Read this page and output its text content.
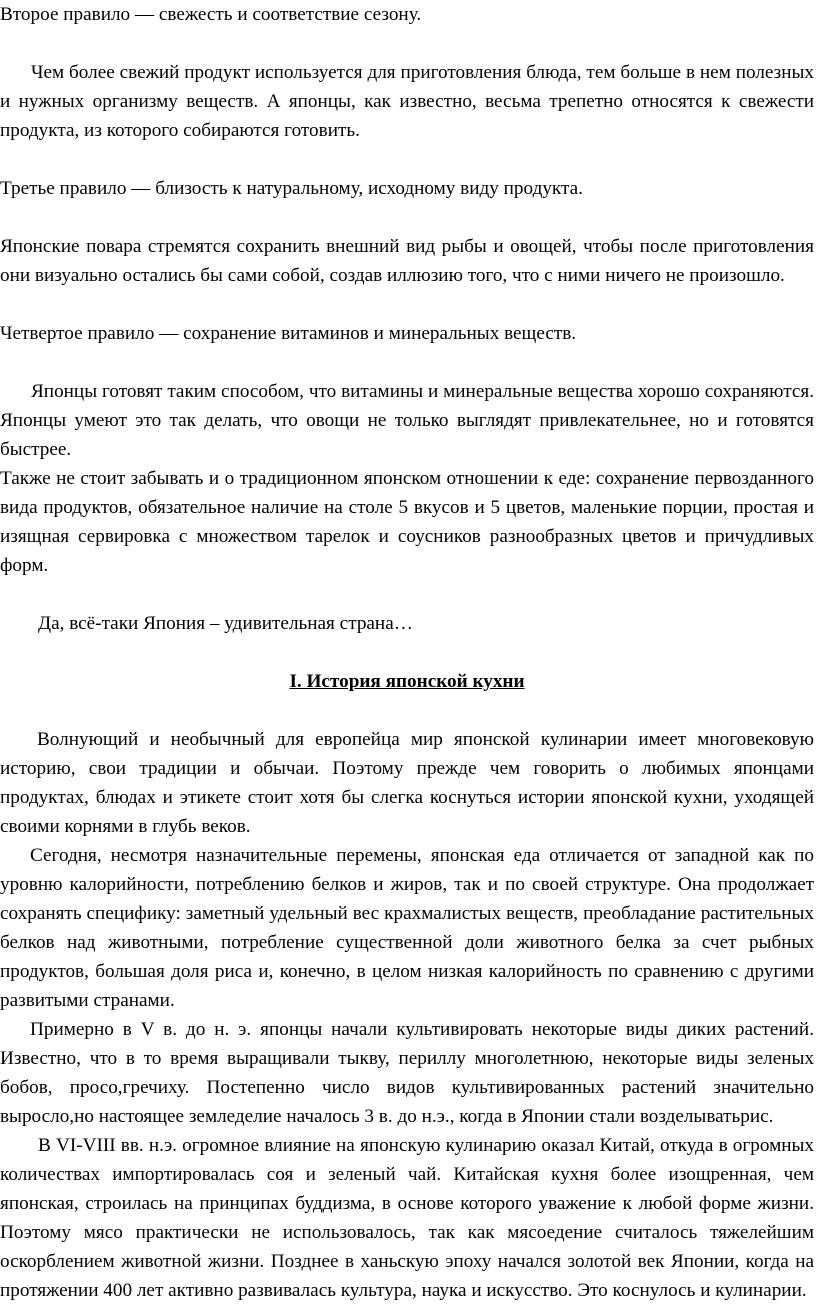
Второе правило — свежесть и соответствие сезону.

Чем более свежий продукт используется для приготовления блюда, тем больше в нем полезных и нужных организму веществ. А японцы, как известно, весьма трепетно относятся к свежести продукта, из которого собираются готовить.

Третье правило — близость к натуральному, исходному виду продукта.

Японские повара стремятся сохранить внешний вид рыбы и овощей, чтобы после приготовления они визуально остались бы сами собой, создав иллюзию того, что с ними ничего не произошло.

Четвертое правило — сохранение витаминов и минеральных веществ.

Японцы готовят таким способом, что витамины и минеральные вещества хорошо сохраняются. Японцы умеют это так делать, что овощи не только выглядят привлекательнее, но и готовятся быстрее.

Также не стоит забывать и о традиционном японском отношении к еде: сохранение первозданного вида продуктов, обязательное наличие на столе 5 вкусов и 5 цветов, маленькие порции, простая и изящная сервировка с множеством тарелок и соусников разнообразных цветов и причудливых форм.

Да, всё-таки Япония – удивительная страна…

I. История японской кухни

Волнующий и необычный для европейца мир японской кулинарии имеет многовековую историю, свои традиции и обычаи. Поэтому прежде чем говорить о любимых японцами продуктах, блюдах и этикете стоит хотя бы слегка коснуться истории японской кухни, уходящей своими корнями в глубь веков.

Сегодня, несмотря назначительные перемены, японская еда отличается от западной как по уровню калорийности, потреблению белков и жиров, так и по своей структуре. Она продолжает сохранять специфику: заметный удельный вес крахмалистых веществ, преобладание растительных белков над животными, потребление существенной доли животного белка за счет рыбных продуктов, большая доля риса и, конечно, в целом низкая калорийность по сравнению с другими развитыми странами.

Примерно в V в. до н. э. японцы начали культивировать некоторые виды диких растений. Известно, что в то время выращивали тыкву, периллу многолетнюю, некоторые виды зеленых бобов, просо,гречиху. Постепенно число видов культивированных растений значительно выросло,но настоящее земледелие началось 3 в. до н.э., когда в Японии стали возделыватьрис.

В VI-VIII вв. н.э. огромное влияние на японскую кулинарию оказал Китай, откуда в огромных количествах импортировалась соя и зеленый чай. Китайская кухня более изощренная, чем японская, строилась на принципах буддизма, в основе которого уважение к любой форме жизни. Поэтому мясо практически не использовалось, так как мясоедение считалось тяжелейшим оскорблением животной жизни. Позднее в ханьскую эпоху начался золотой век Японии, когда на протяжении 400 лет активно развивалась культура, наука и искусство. Это коснулось и кулинарии.
